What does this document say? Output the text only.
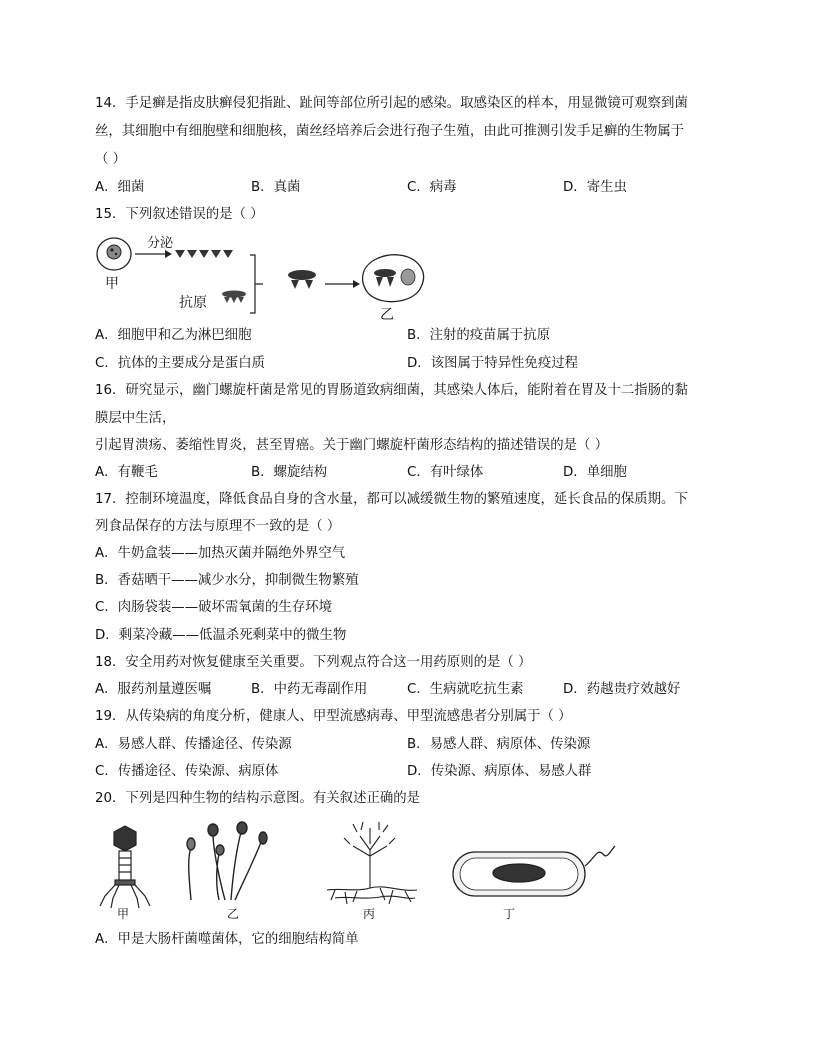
14．手足癣是指皮肤癣侵犯指趾、趾间等部位所引起的感染。取感染区的样本，用显微镜可观察到菌
丝，其细胞中有细胞壁和细胞核，菌丝经培养后会进行孢子生殖，由此可推测引发手足癣的生物属于
（ ）
A．细菌	B．真菌	C．病毒	D．寄生虫
15．下列叙述错误的是（ ）
甲
分泌
抗原
乙
A．细胞甲和乙为淋巴细胞	B．注射的疫苗属于抗原
C．抗体的主要成分是蛋白质	D．该图属于特异性免疫过程
16．研究显示，幽门螺旋杆菌是常见的胃肠道致病细菌，其感染人体后，能附着在胃及十二指肠的黏
膜层中生活，
引起胃溃疡、萎缩性胃炎，甚至胃癌。关于幽门螺旋杆菌形态结构的描述错误的是（ ）
A．有鞭毛	B．螺旋结构	C．有叶绿体	D．单细胞
17．控制环境温度，降低食品自身的含水量，都可以减缓微生物的繁殖速度，延长食品的保质期。下
列食品保存的方法与原理不一致的是（ ）
A．牛奶盒装——加热灭菌并隔绝外界空气
B．香菇晒干——减少水分，抑制微生物繁殖
C．肉肠袋装——破坏需氧菌的生存环境
D．剩菜冷藏——低温杀死剩菜中的微生物
18．安全用药对恢复健康至关重要。下列观点符合这一用药原则的是（ ）
A．服药剂量遵医嘱	B．中药无毒副作用	C．生病就吃抗生素	D．药越贵疗效越好
19．从传染病的角度分析，健康人、甲型流感病毒、甲型流感患者分别属于（ ）
A．易感人群、传播途径、传染源	B．易感人群、病原体、传染源
C．传播途径、传染源、病原体	D．传染源、病原体、易感人群
20．下列是四种生物的结构示意图。有关叙述正确的是
甲	乙	丙	丁
A．甲是大肠杆菌噬菌体，它的细胞结构简单
